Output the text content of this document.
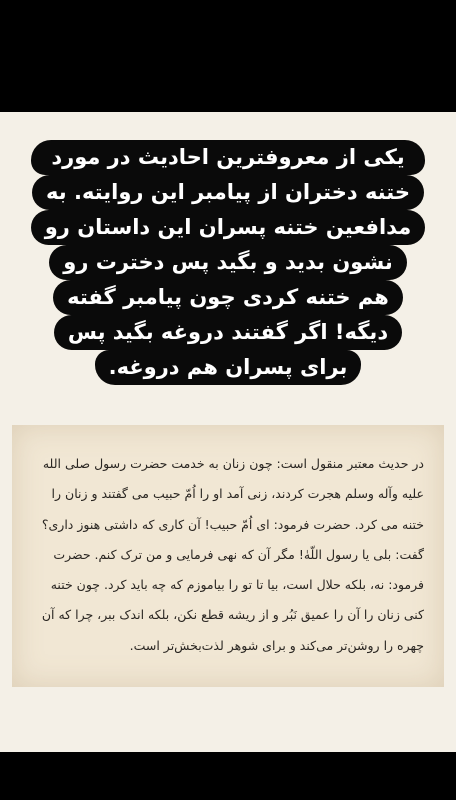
یکی از معروفترین احادیث در مورد
ختنه دختران از پیامبر این روایته. به
مدافعین ختنه پسران این داستان رو
نشون بدید و بگید پس دخترت رو
هم ختنه کردی چون پیامبر گفته
دیگه! اگر گفتند دروغه بگید پس
برای پسران هم دروغه.
در حدیث معتبر منقول است: چون زنان به خدمت حضرت رسول صلی الله
علیه وآله وسلم هجرت کردند، زنی آمد او را اُمّ حبیب می گفتند و زنان را
ختنه می کرد. حضرت فرمود: ای اُمّ حبیب! آن کاری که داشتی هنوز داری؟
گفت: بلی یا رسول اللّهٰ! مگر آن که نهی فرمایی و من ترک کنم. حضرت
فرمود: نه، بلکه حلال است، بیا تا تو را بیاموزم که چه باید کرد. چون ختنه
کنی زنان را آن را عمیق نَبُر و از ریشه قطع نکن، بلکه اندک ببر، چرا که آن
چهره را روشن‌تر می‌کند و برای شوهر لذت‌بخش‌تر است.
